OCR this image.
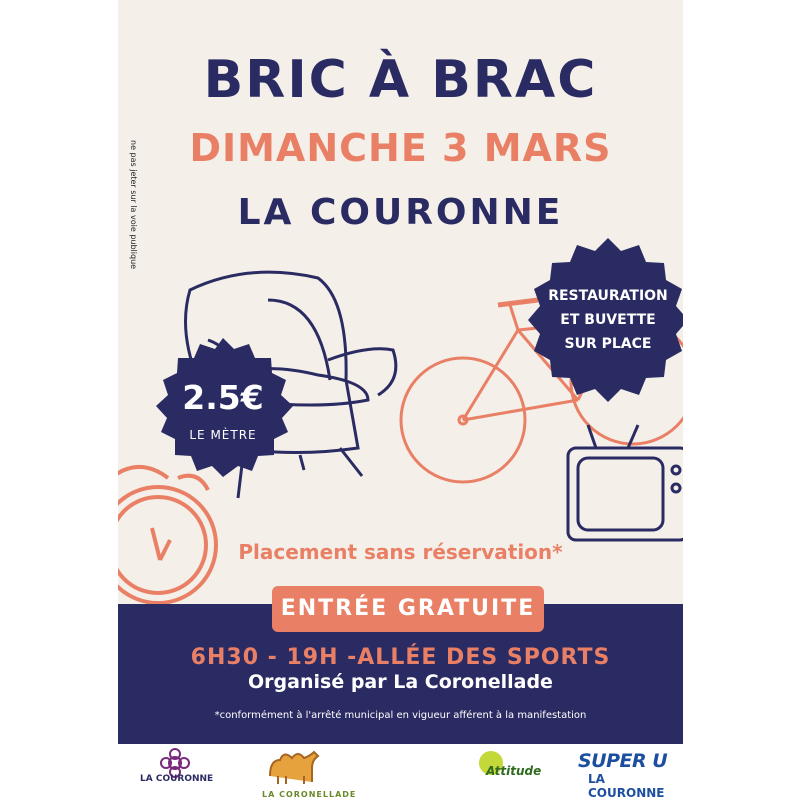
BRIC À BRAC
DIMANCHE 3 MARS
LA COURONNE
2.5€
LE MÈTRE
RESTAURATION
ET BUVETTE
SUR PLACE
Placement sans réservation*
ENTRÉE GRATUITE
6H30 - 19H -ALLÉE DES SPORTS
Organisé par La Coronellade
*conformément à l'arrêté municipal en vigueur afférent à la manifestation
LA COURONNE
LA CORONELLADE
Attitude SUPER U
LA COURONNE
ne pas jeter sur la voie publique
